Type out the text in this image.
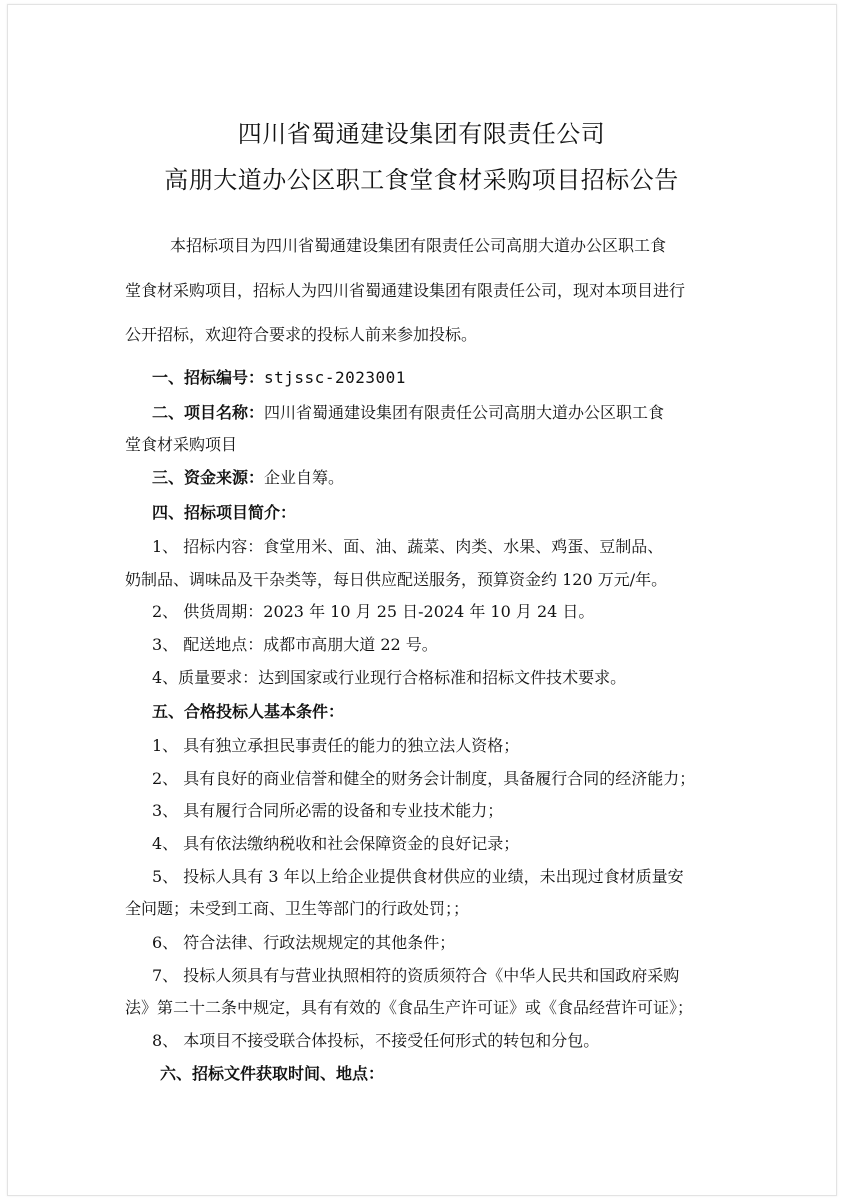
四川省蜀通建设集团有限责任公司
高朋大道办公区职工食堂食材采购项目招标公告
本招标项目为四川省蜀通建设集团有限责任公司高朋大道办公区职工食
堂食材采购项目，招标人为四川省蜀通建设集团有限责任公司，现对本项目进行
公开招标，欢迎符合要求的投标人前来参加投标。
一、招标编号：stjssc-2023001
二、项目名称：四川省蜀通建设集团有限责任公司高朋大道办公区职工食
堂食材采购项目
三、资金来源：企业自筹。
四、招标项目简介：
1、 招标内容：食堂用米、面、油、蔬菜、肉类、水果、鸡蛋、豆制品、
奶制品、调味品及干杂类等，每日供应配送服务，预算资金约 120 万元/年。
2、 供货周期：2023 年 10 月 25 日-2024 年 10 月 24 日。
3、 配送地点：成都市高朋大道 22 号。
4、质量要求：达到国家或行业现行合格标准和招标文件技术要求。
五、合格投标人基本条件：
1、 具有独立承担民事责任的能力的独立法人资格；
2、 具有良好的商业信誉和健全的财务会计制度，具备履行合同的经济能力；
3、 具有履行合同所必需的设备和专业技术能力；
4、 具有依法缴纳税收和社会保障资金的良好记录；
5、 投标人具有 3 年以上给企业提供食材供应的业绩，未出现过食材质量安
全问题；未受到工商、卫生等部门的行政处罚；；
6、 符合法律、行政法规规定的其他条件；
7、 投标人须具有与营业执照相符的资质须符合《中华人民共和国政府采购
法》第二十二条中规定，具有有效的《食品生产许可证》或《食品经营许可证》；
8、 本项目不接受联合体投标，不接受任何形式的转包和分包。
六、招标文件获取时间、地点：
